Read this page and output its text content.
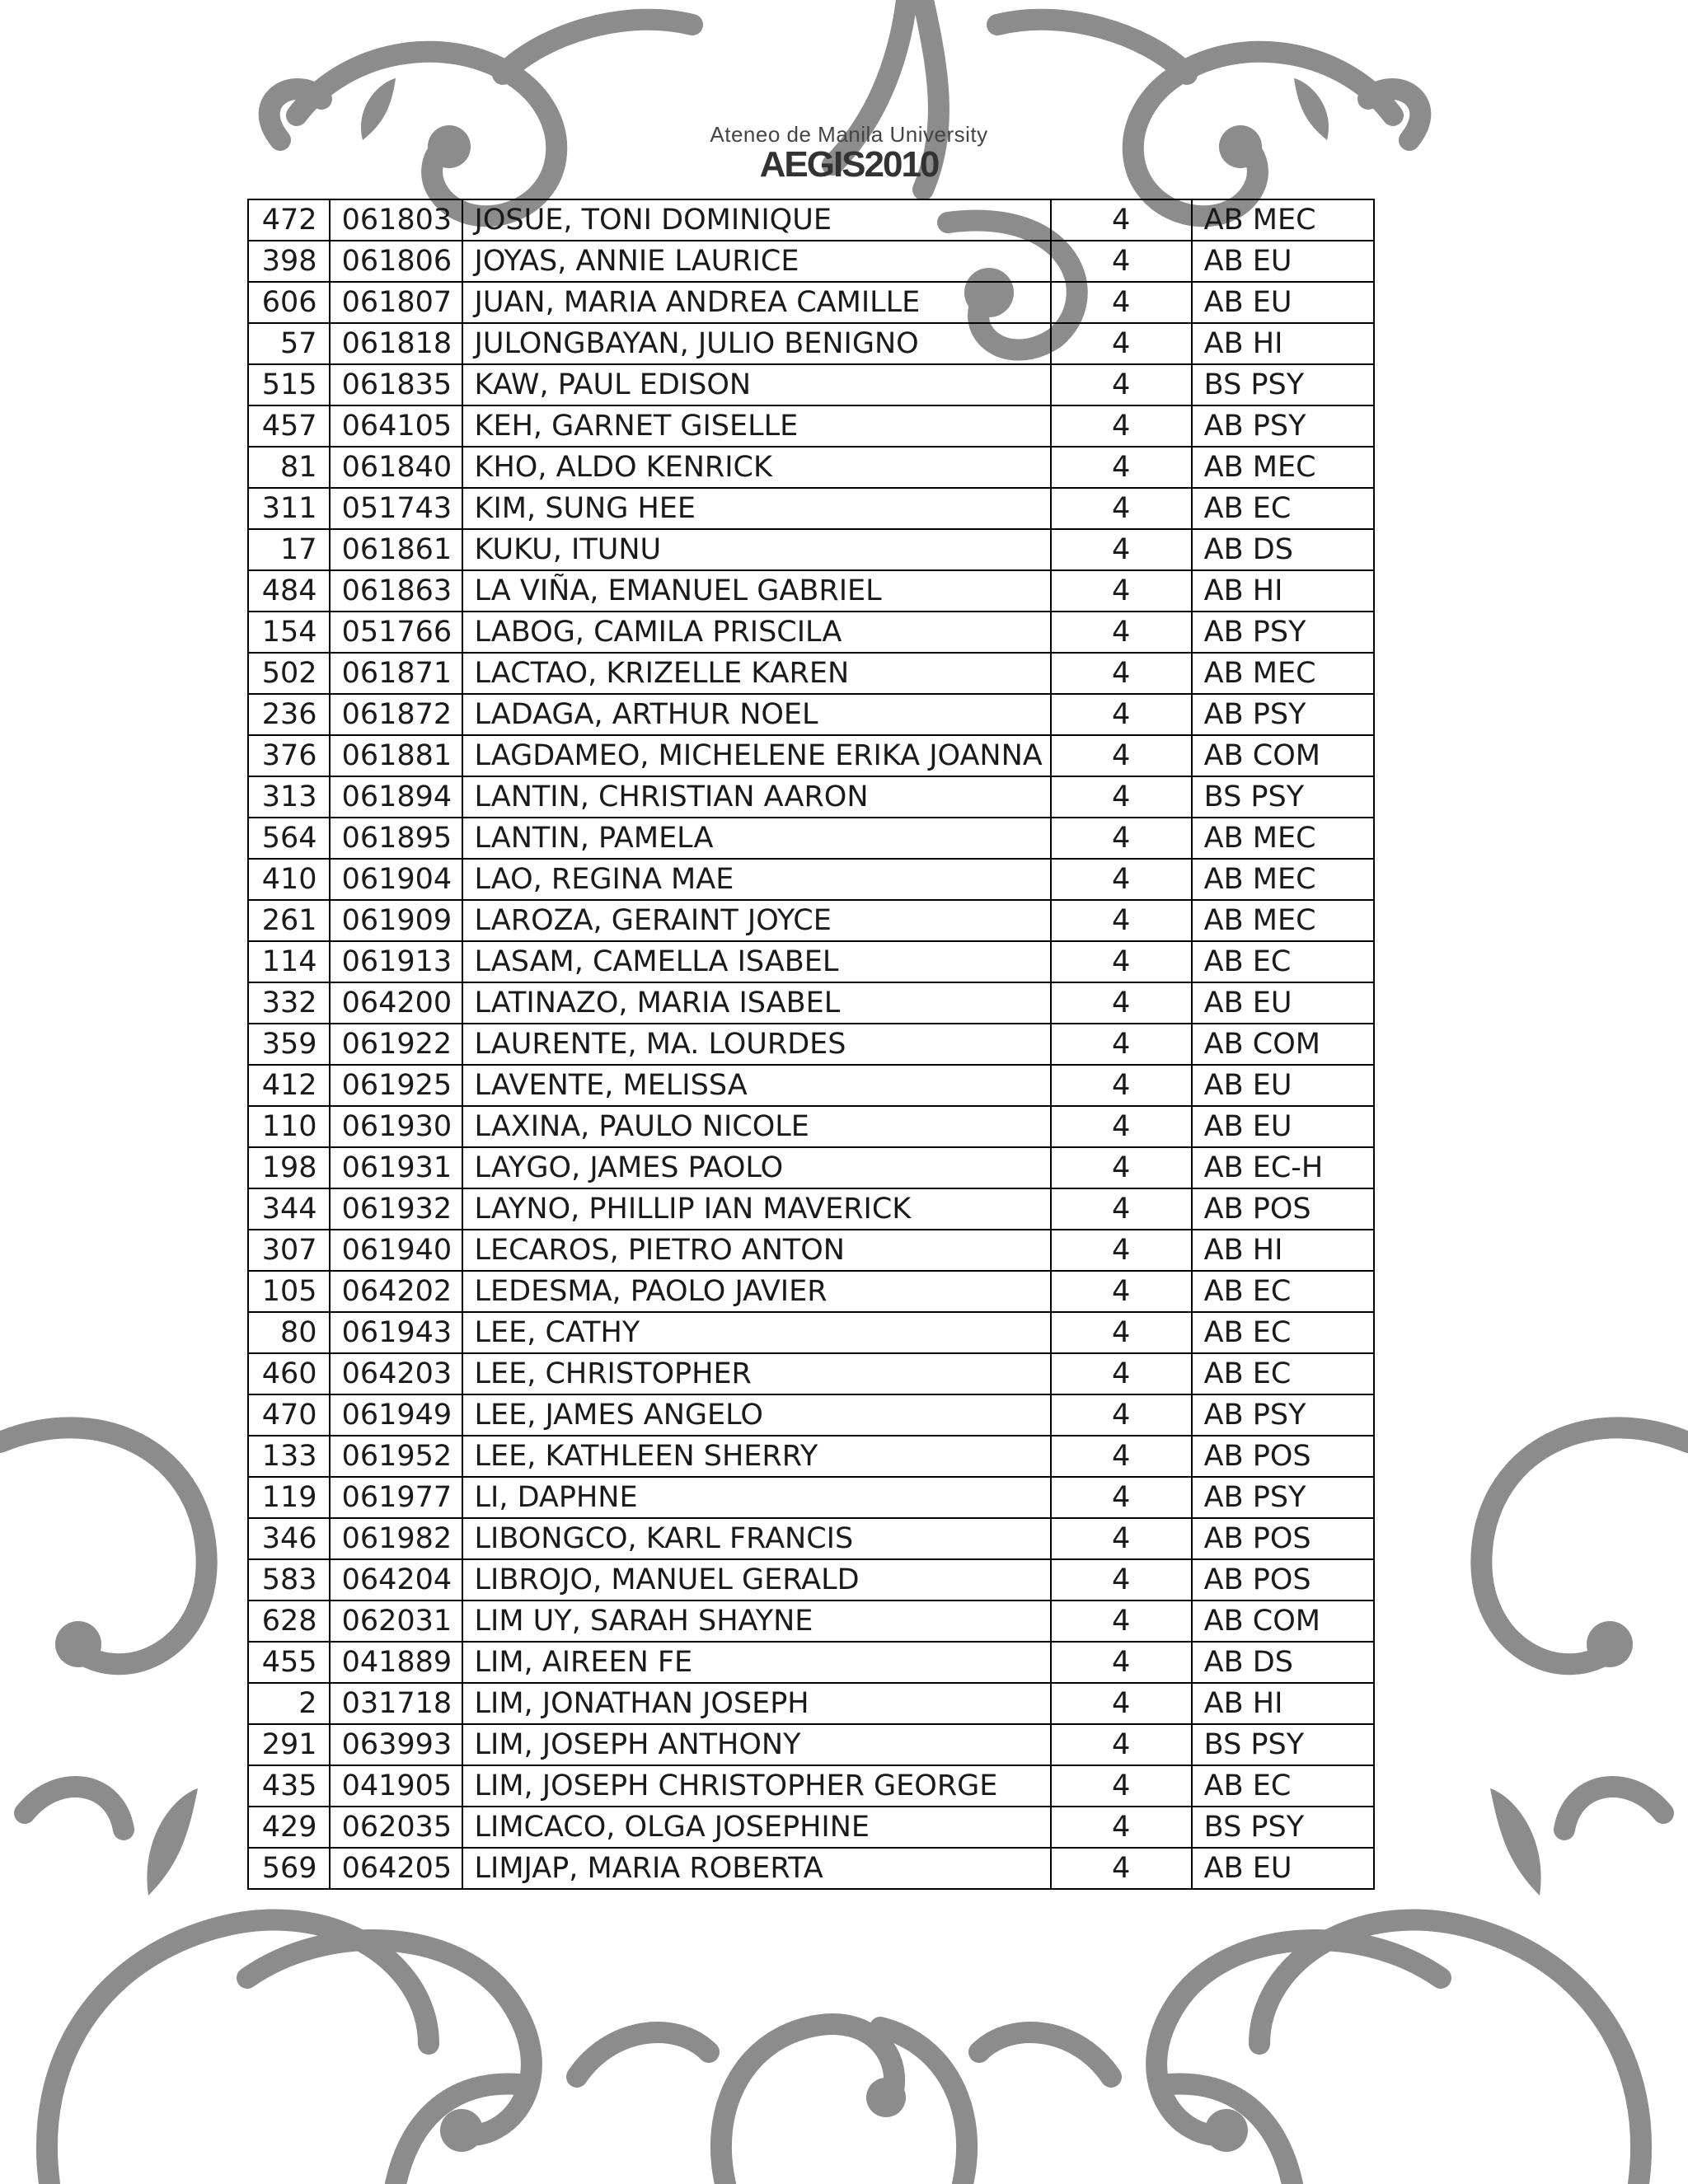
Ateneo de Manila University
AEGIS2010
472	061803	JOSUE, TONI DOMINIQUE	4	AB MEC
398	061806	JOYAS, ANNIE LAURICE	4	AB EU
606	061807	JUAN, MARIA ANDREA CAMILLE	4	AB EU
57	061818	JULONGBAYAN, JULIO BENIGNO	4	AB HI
515	061835	KAW, PAUL EDISON	4	BS PSY
457	064105	KEH, GARNET GISELLE	4	AB PSY
81	061840	KHO, ALDO KENRICK	4	AB MEC
311	051743	KIM, SUNG HEE	4	AB EC
17	061861	KUKU, ITUNU	4	AB DS
484	061863	LA VIÑA, EMANUEL GABRIEL	4	AB HI
154	051766	LABOG, CAMILA PRISCILA	4	AB PSY
502	061871	LACTAO, KRIZELLE KAREN	4	AB MEC
236	061872	LADAGA, ARTHUR NOEL	4	AB PSY
376	061881	LAGDAMEO, MICHELENE ERIKA JOANNA	4	AB COM
313	061894	LANTIN, CHRISTIAN AARON	4	BS PSY
564	061895	LANTIN, PAMELA	4	AB MEC
410	061904	LAO, REGINA MAE	4	AB MEC
261	061909	LAROZA, GERAINT JOYCE	4	AB MEC
114	061913	LASAM, CAMELLA ISABEL	4	AB EC
332	064200	LATINAZO, MARIA ISABEL	4	AB EU
359	061922	LAURENTE, MA. LOURDES	4	AB COM
412	061925	LAVENTE, MELISSA	4	AB EU
110	061930	LAXINA, PAULO NICOLE	4	AB EU
198	061931	LAYGO, JAMES PAOLO	4	AB EC-H
344	061932	LAYNO, PHILLIP IAN MAVERICK	4	AB POS
307	061940	LECAROS, PIETRO ANTON	4	AB HI
105	064202	LEDESMA, PAOLO JAVIER	4	AB EC
80	061943	LEE, CATHY	4	AB EC
460	064203	LEE, CHRISTOPHER	4	AB EC
470	061949	LEE, JAMES ANGELO	4	AB PSY
133	061952	LEE, KATHLEEN SHERRY	4	AB POS
119	061977	LI, DAPHNE	4	AB PSY
346	061982	LIBONGCO, KARL FRANCIS	4	AB POS
583	064204	LIBROJO, MANUEL GERALD	4	AB POS
628	062031	LIM UY, SARAH SHAYNE	4	AB COM
455	041889	LIM, AIREEN FE	4	AB DS
2	031718	LIM, JONATHAN JOSEPH	4	AB HI
291	063993	LIM, JOSEPH ANTHONY	4	BS PSY
435	041905	LIM, JOSEPH CHRISTOPHER GEORGE	4	AB EC
429	062035	LIMCACO, OLGA JOSEPHINE	4	BS PSY
569	064205	LIMJAP, MARIA ROBERTA	4	AB EU
